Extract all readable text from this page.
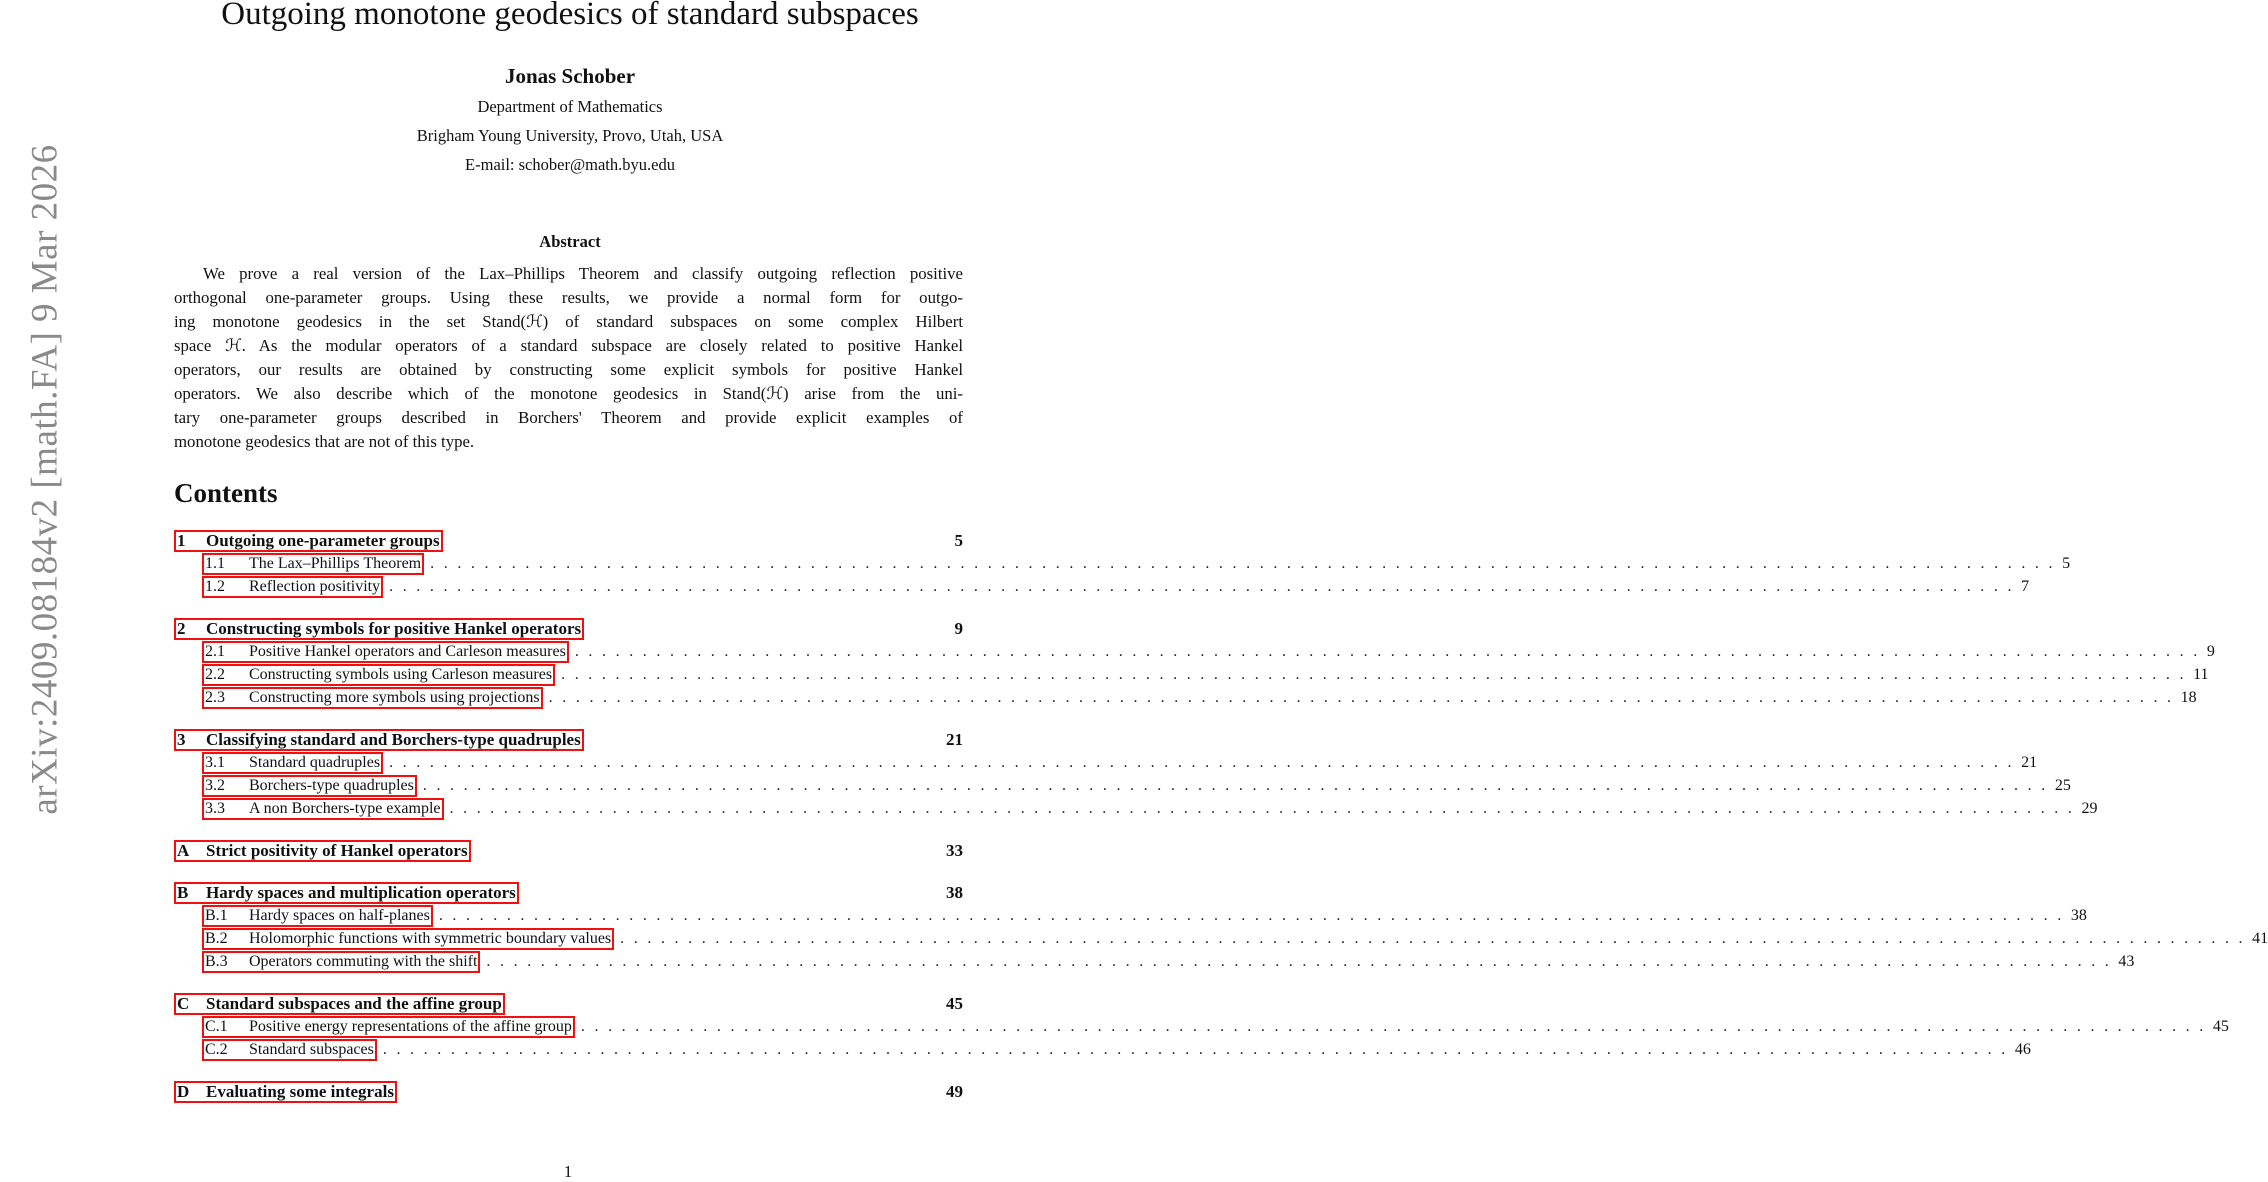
arXiv:2409.08184v2 [math.FA] 9 Mar 2026
Outgoing monotone geodesics of standard subspaces
Jonas Schober
Department of Mathematics
Brigham Young University, Provo, Utah, USA
E-mail: schober@math.byu.edu
Abstract
We prove a real version of the Lax–Phillips Theorem and classify outgoing reflection positive
orthogonal one-parameter groups. Using these results, we provide a normal form for outgo-
ing monotone geodesics in the set Stand(ℋ) of standard subspaces on some complex Hilbert
space ℋ. As the modular operators of a standard subspace are closely related to positive Hankel
operators, our results are obtained by constructing some explicit symbols for positive Hankel
operators. We also describe which of the monotone geodesics in Stand(ℋ) arise from the uni-
tary one-parameter groups described in Borchers' Theorem and provide explicit examples of
monotone geodesics that are not of this type.
Contents
1 Outgoing one-parameter groups	5
1.1 The Lax–Phillips Theorem ........................................................................................................................ 5
1.2 Reflection positivity ........................................................................................................................ 7
2 Constructing symbols for positive Hankel operators	9
2.1 Positive Hankel operators and Carleson measures ........................................................................................................................ 9
2.2 Constructing symbols using Carleson measures ........................................................................................................................ 11
2.3 Constructing more symbols using projections ........................................................................................................................ 18
3 Classifying standard and Borchers-type quadruples	21
3.1 Standard quadruples ........................................................................................................................ 21
3.2 Borchers-type quadruples ........................................................................................................................ 25
3.3 A non Borchers-type example ........................................................................................................................ 29
A Strict positivity of Hankel operators	33
B Hardy spaces and multiplication operators	38
B.1 Hardy spaces on half-planes ........................................................................................................................ 38
B.2 Holomorphic functions with symmetric boundary values ........................................................................................................................ 41
B.3 Operators commuting with the shift ........................................................................................................................ 43
C Standard subspaces and the affine group	45
C.1 Positive energy representations of the affine group ........................................................................................................................ 45
C.2 Standard subspaces ........................................................................................................................ 46
D Evaluating some integrals	49
1
